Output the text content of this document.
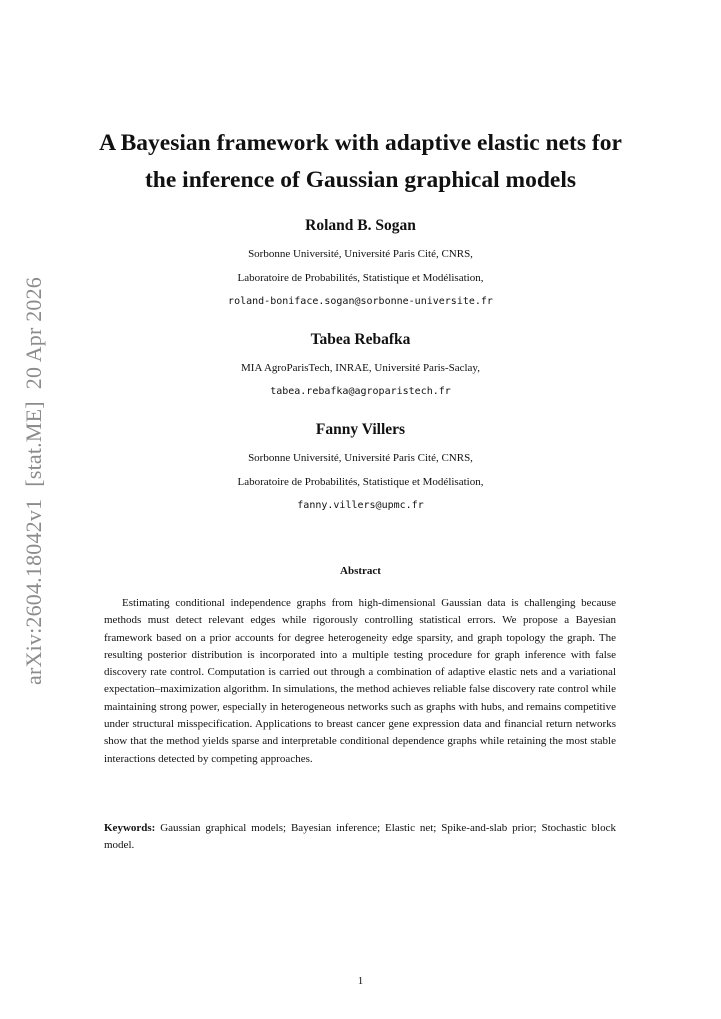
arXiv:2604.18042v1[stat.ME]20 Apr 2026
A Bayesian framework with adaptive elastic nets for
the inference of Gaussian graphical models

Roland B. Sogan

Sorbonne Université, Université Paris Cité, CNRS,

Laboratoire de Probabilités, Statistique et Modélisation,

roland-boniface.sogan@sorbonne-universite.fr

Tabea Rebafka

MIA AgroParisTech, INRAE, Université Paris-Saclay,

tabea.rebafka@agroparistech.fr

Fanny Villers

Sorbonne Université, Université Paris Cité, CNRS,

Laboratoire de Probabilités, Statistique et Modélisation,

fanny.villers@upmc.fr

Abstract

Estimating conditional independence graphs from high-dimensional Gaussian data is challenging because methods must detect relevant edges while rigorously controlling statistical errors. We propose a Bayesian framework based on a prior accounts for degree heterogeneity edge sparsity, and graph topology the graph. The resulting posterior distribution is incorporated into a multiple testing procedure for graph inference with false discovery rate control. Computation is carried out through a combination of adaptive elastic nets and a variational expectation–maximization algorithm. In simulations, the method achieves reliable false discovery rate control while maintaining strong power, especially in heterogeneous networks such as graphs with hubs, and remains competitive under structural misspecification. Applications to breast cancer gene expression data and financial return networks show that the method yields sparse and interpretable conditional dependence graphs while retaining the most stable interactions detected by competing approaches.

Keywords: Gaussian graphical models; Bayesian inference; Elastic net; Spike-and-slab prior; Stochastic block model.

1
